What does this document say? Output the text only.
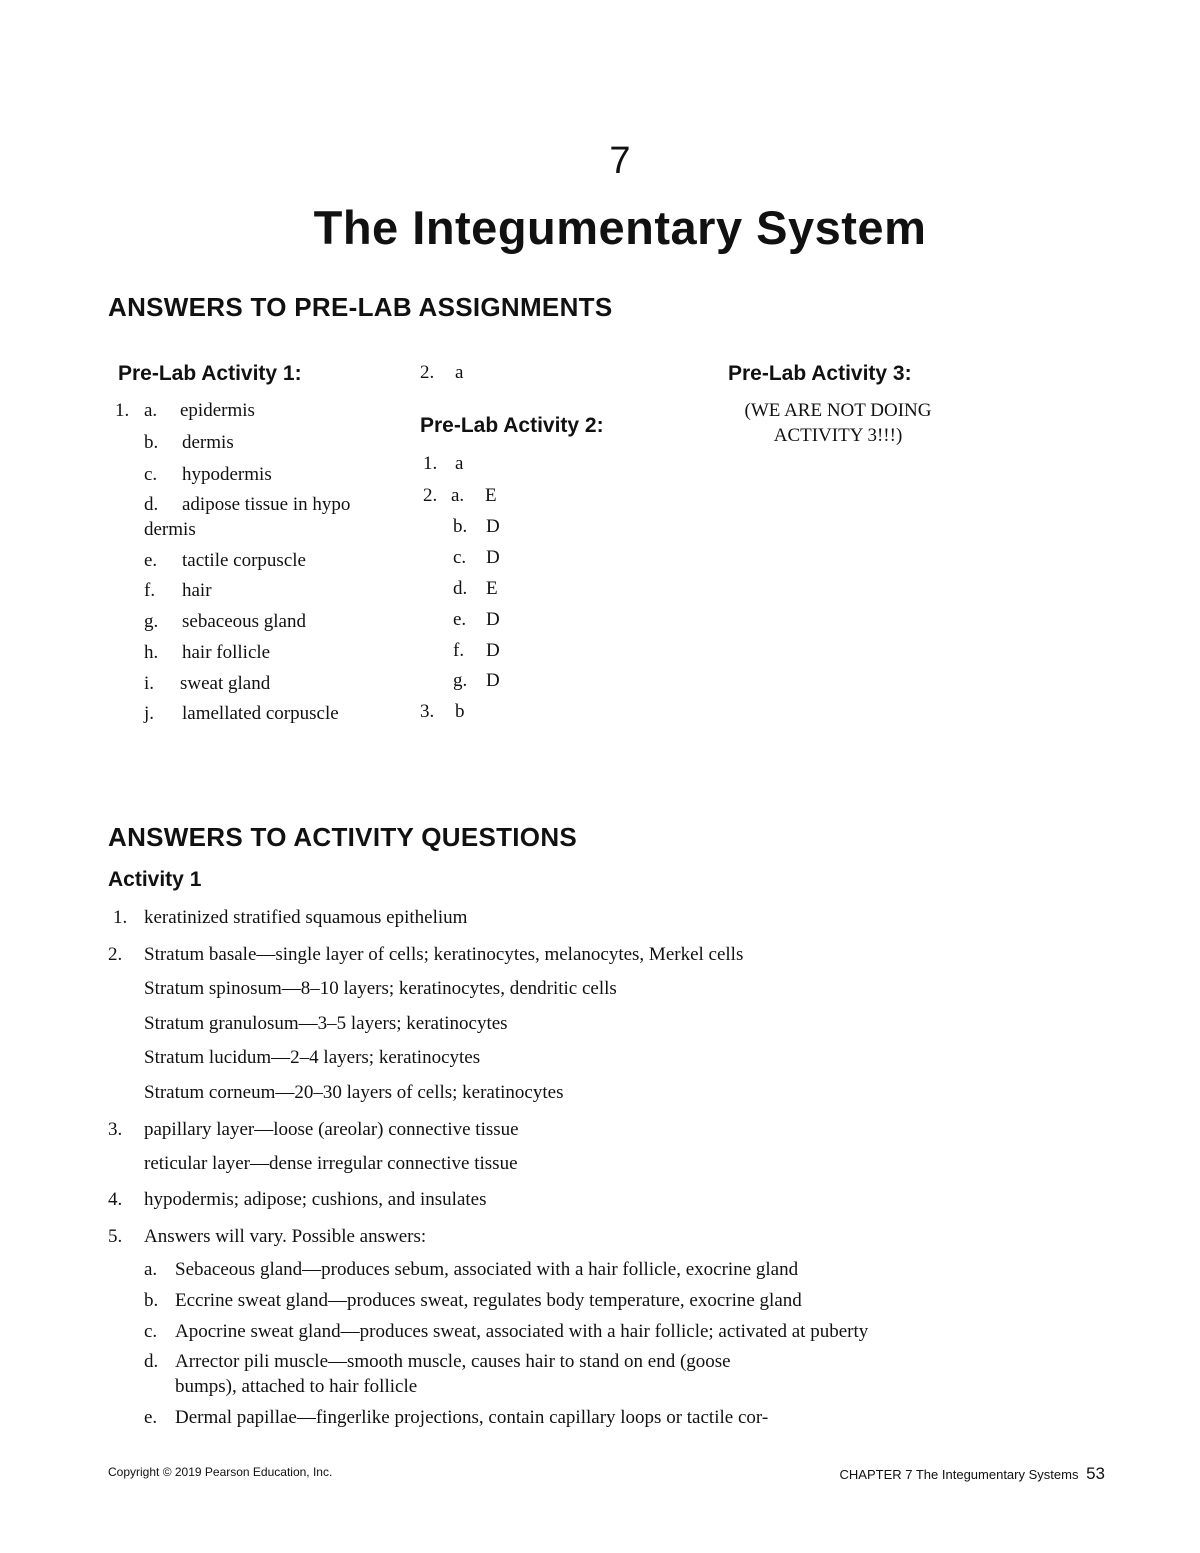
7
The Integumentary System
ANSWERS TO PRE-LAB ASSIGNMENTS
Pre-Lab Activity 1:
1. a. epidermis
b. dermis
c. hypodermis
d. adipose tissue in hypo
dermis
e. tactile corpuscle
f. hair
g. sebaceous gland
h. hair follicle
i. sweat gland
j. lamellated corpuscle
2. a
Pre-Lab Activity 2:
1. a
2. a. E
b. D
c. D
d. E
e. D
f. D
g. D
3. b
Pre-Lab Activity 3:
(WE ARE NOT DOING
ACTIVITY 3!!!)
ANSWERS TO ACTIVITY QUESTIONS
Activity 1
1. keratinized stratified squamous epithelium
2. Stratum basale—single layer of cells; keratinocytes, melanocytes, Merkel cells
Stratum spinosum—8–10 layers; keratinocytes, dendritic cells
Stratum granulosum—3–5 layers; keratinocytes
Stratum lucidum—2–4 layers; keratinocytes
Stratum corneum—20–30 layers of cells; keratinocytes
3. papillary layer—loose (areolar) connective tissue
reticular layer—dense irregular connective tissue
4. hypodermis; adipose; cushions, and insulates
5. Answers will vary. Possible answers:
a. Sebaceous gland—produces sebum, associated with a hair follicle, exocrine gland
b. Eccrine sweat gland—produces sweat, regulates body temperature, exocrine gland
c. Apocrine sweat gland—produces sweat, associated with a hair follicle; activated at puberty
d. Arrector pili muscle—smooth muscle, causes hair to stand on end (goose
bumps), attached to hair follicle
e. Dermal papillae—fingerlike projections, contain capillary loops or tactile cor-
Copyright © 2019 Pearson Education, Inc.	CHAPTER 7 The Integumentary Systems 53
